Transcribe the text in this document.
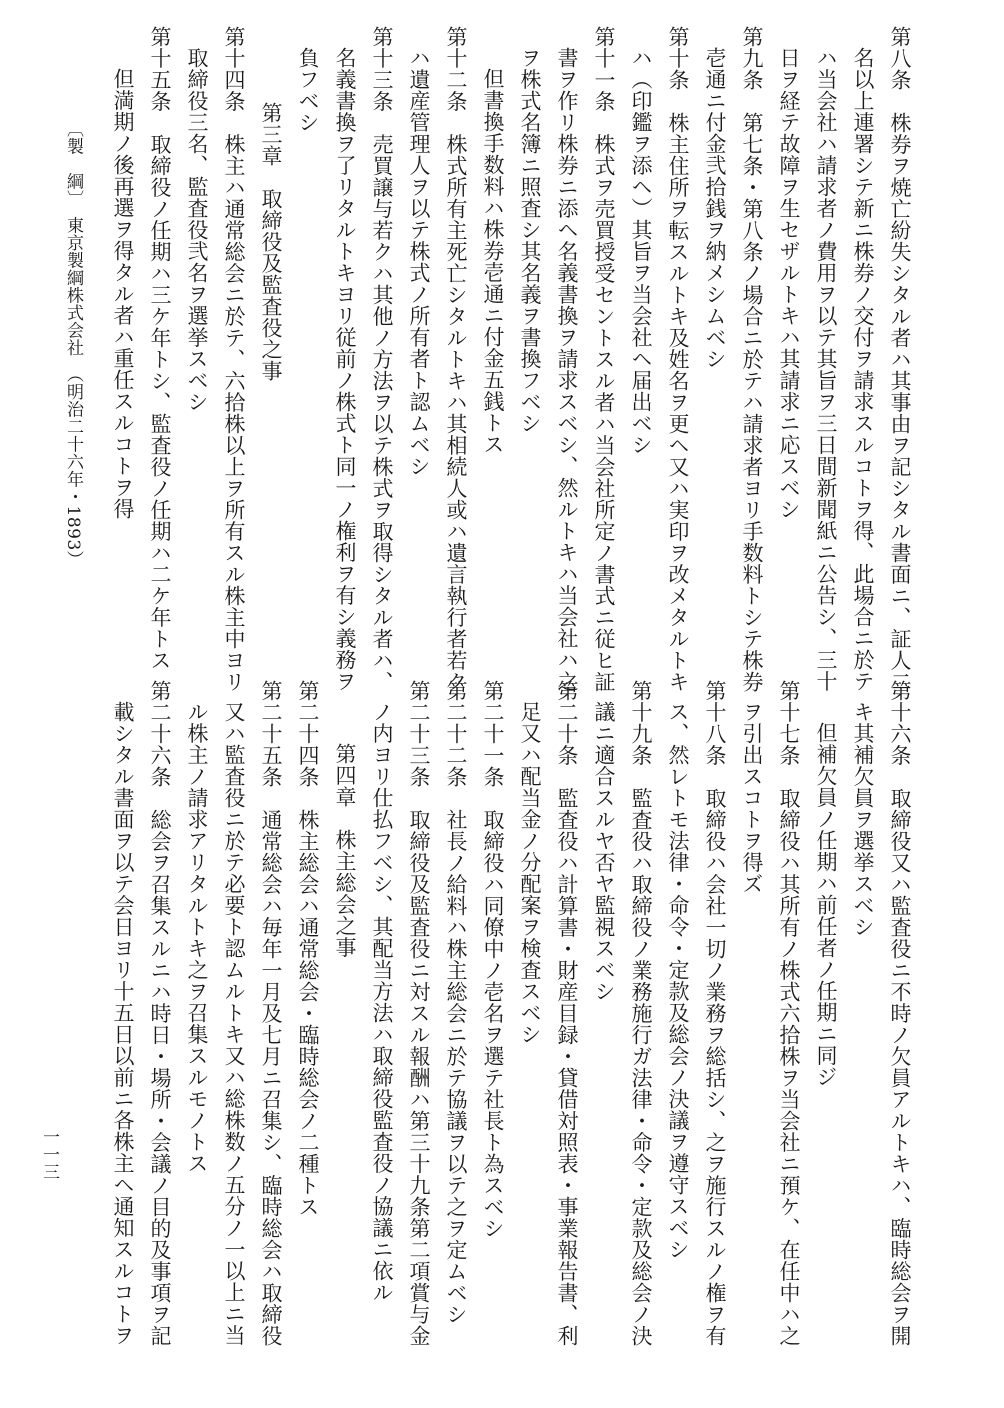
第八条　株券ヲ焼亡紛失シタル者ハ其事由ヲ記シタル書面ニ、証人二

名以上連署シテ新ニ株券ノ交付ヲ請求スルコトヲ得、此場合ニ於テ

ハ当会社ハ請求者ノ費用ヲ以テ其旨ヲ三日間新聞紙ニ公告シ、三十

日ヲ経テ故障ヲ生セザルトキハ其請求ニ応スベシ

第九条　第七条・第八条ノ場合ニ於テハ請求者ヨリ手数料トシテ株券

壱通ニ付金弐拾銭ヲ納メシムベシ

第十条　株主住所ヲ転スルトキ及姓名ヲ更ヘ又ハ実印ヲ改メタルトキ

ハ（印鑑ヲ添ヘ）其旨ヲ当会社ヘ届出ベシ

第十一条　株式ヲ売買授受セントスル者ハ当会社所定ノ書式ニ従ヒ証

書ヲ作リ株券ニ添ヘ名義書換ヲ請求スベシ、然ルトキハ当会社ハ之

ヲ株式名簿ニ照査シ其名義ヲ書換フベシ

但書換手数料ハ株券壱通ニ付金五銭トス

第十二条　株式所有主死亡シタルトキハ其相続人或ハ遺言執行者若ク

ハ遺産管理人ヲ以テ株式ノ所有者ト認ムベシ

第十三条　売買譲与若クハ其他ノ方法ヲ以テ株式ヲ取得シタル者ハ、

名義書換ヲ了リタルトキヨリ従前ノ株式ト同一ノ権利ヲ有シ義務ヲ

負フベシ

第三章　取締役及監査役之事

第十四条　株主ハ通常総会ニ於テ、六拾株以上ヲ所有スル株主中ヨリ

取締役三名、監査役弐名ヲ選挙スベシ

第十五条　取締役ノ任期ハ三ケ年トシ、監査役ノ任期ハ二ケ年トス

但満期ノ後再選ヲ得タル者ハ重任スルコトヲ得

〔製　綱〕　東京製綱株式会社　（明治二十六年・1893）

第十六条　取締役又ハ監査役ニ不時ノ欠員アルトキハ、臨時総会ヲ開

キ其補欠員ヲ選挙スベシ

但補欠員ノ任期ハ前任者ノ任期ニ同ジ

第十七条　取締役ハ其所有ノ株式六拾株ヲ当会社ニ預ケ、在任中ハ之

ヲ引出スコトヲ得ズ

第十八条　取締役ハ会社一切ノ業務ヲ総括シ、之ヲ施行スルノ権ヲ有

ス、然レトモ法律・命令・定款及総会ノ決議ヲ遵守スベシ

第十九条　監査役ハ取締役ノ業務施行ガ法律・命令・定款及総会ノ決

議ニ適合スルヤ否ヤ監視スベシ

第二十条　監査役ハ計算書・財産目録・貸借対照表・事業報告書、利

足又ハ配当金ノ分配案ヲ検査スベシ

第二十一条　取締役ハ同僚中ノ壱名ヲ選テ社長ト為スベシ

第二十二条　社長ノ給料ハ株主総会ニ於テ協議ヲ以テ之ヲ定ムベシ

第二十三条　取締役及監査役ニ対スル報酬ハ第三十九条第二項賞与金

ノ内ヨリ仕払フベシ、其配当方法ハ取締役監査役ノ協議ニ依ル

第四章　株主総会之事

第二十四条　株主総会ハ通常総会・臨時総会ノ二種トス

第二十五条　通常総会ハ毎年一月及七月ニ召集シ、臨時総会ハ取締役

又ハ監査役ニ於テ必要ト認ムルトキ又ハ総株数ノ五分ノ一以上ニ当

ル株主ノ請求アリタルトキ之ヲ召集スルモノトス

第二十六条　総会ヲ召集スルニハ時日・場所・会議ノ目的及事項ヲ記

載シタル書面ヲ以テ会日ヨリ十五日以前ニ各株主ヘ通知スルコトヲ

一一三
